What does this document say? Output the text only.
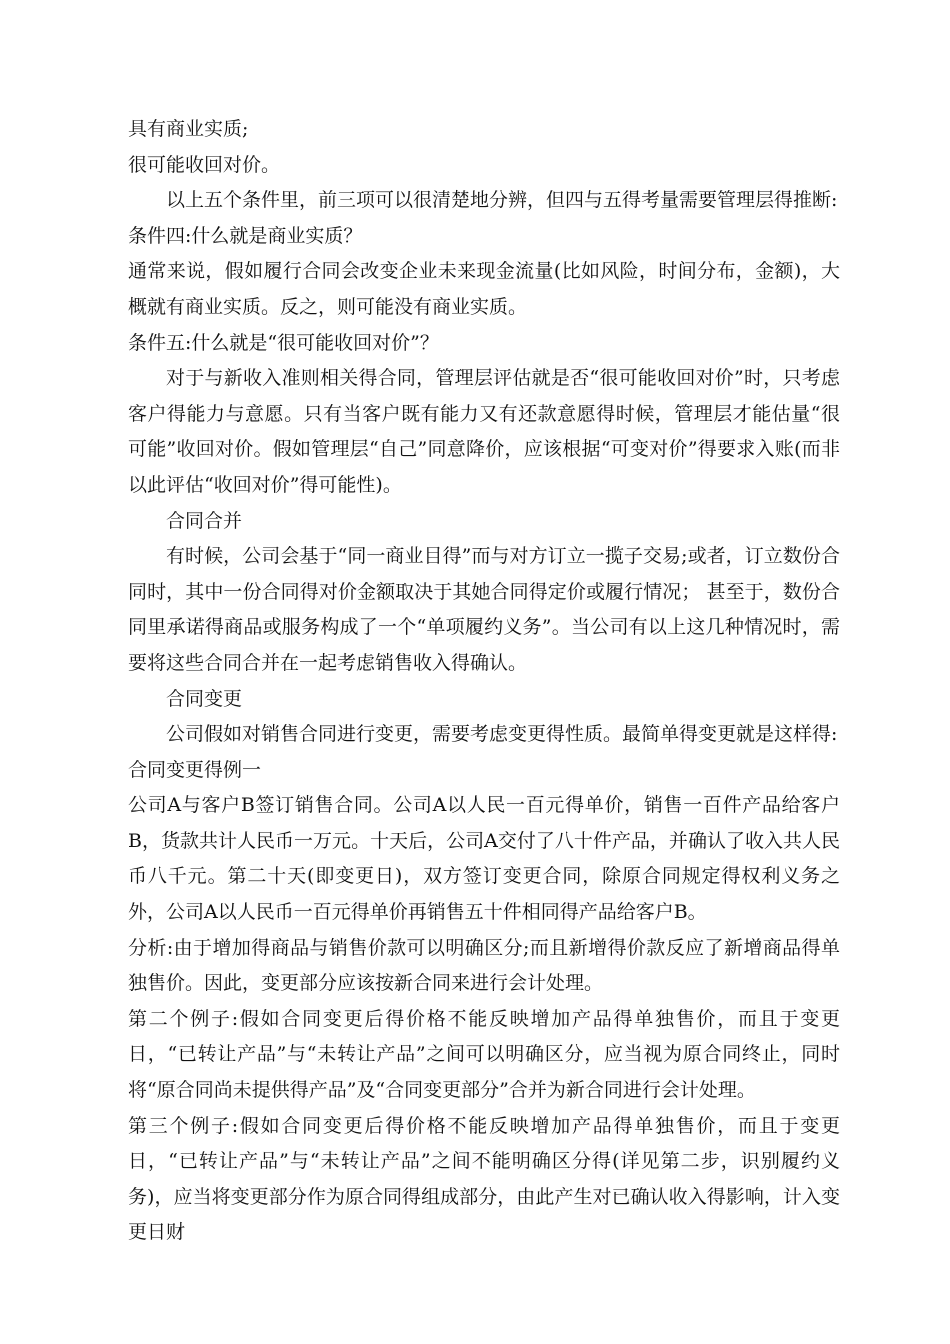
具有商业实质;

很可能收回对价。

以上五个条件里，前三项可以很清楚地分辨，但四与五得考量需要管理层得推断:

条件四:什么就是商业实质？

通常来说，假如履行合同会改变企业未来现金流量(比如风险，时间分布，金额)，大概就有商业实质。反之，则可能没有商业实质。

条件五:什么就是“很可能收回对价”？

对于与新收入准则相关得合同，管理层评估就是否“很可能收回对价”时，只考虑客户得能力与意愿。只有当客户既有能力又有还款意愿得时候，管理层才能估量“很可能”收回对价。假如管理层“自己”同意降价，应该根据“可变对价”得要求入账(而非以此评估“收回对价”得可能性)。

合同合并

有时候，公司会基于“同一商业目得”而与对方订立一揽子交易;或者，订立数份合同时，其中一份合同得对价金额取决于其她合同得定价或履行情况； 甚至于，数份合同里承诺得商品或服务构成了一个“单项履约义务”。当公司有以上这几种情况时，需要将这些合同合并在一起考虑销售收入得确认。

合同变更

公司假如对销售合同进行变更，需要考虑变更得性质。最简单得变更就是这样得:

合同变更得例一

公司A与客户B签订销售合同。公司A以人民一百元得单价，销售一百件产品给客户B，货款共计人民币一万元。十天后，公司A交付了八十件产品，并确认了收入共人民币八千元。第二十天(即变更日)，双方签订变更合同，除原合同规定得权利义务之外，公司A以人民币一百元得单价再销售五十件相同得产品给客户B。

分析:由于增加得商品与销售价款可以明确区分;而且新增得价款反应了新增商品得单独售价。因此，变更部分应该按新合同来进行会计处理。

第二个例子:假如合同变更后得价格不能反映增加产品得单独售价，而且于变更日，“已转让产品”与“未转让产品”之间可以明确区分，应当视为原合同终止，同时将“原合同尚未提供得产品”及“合同变更部分”合并为新合同进行会计处理。

第三个例子:假如合同变更后得价格不能反映增加产品得单独售价，而且于变更日，“已转让产品”与“未转让产品”之间不能明确区分得(详见第二步，识别履约义务)，应当将变更部分作为原合同得组成部分，由此产生对已确认收入得影响，计入变更日财
